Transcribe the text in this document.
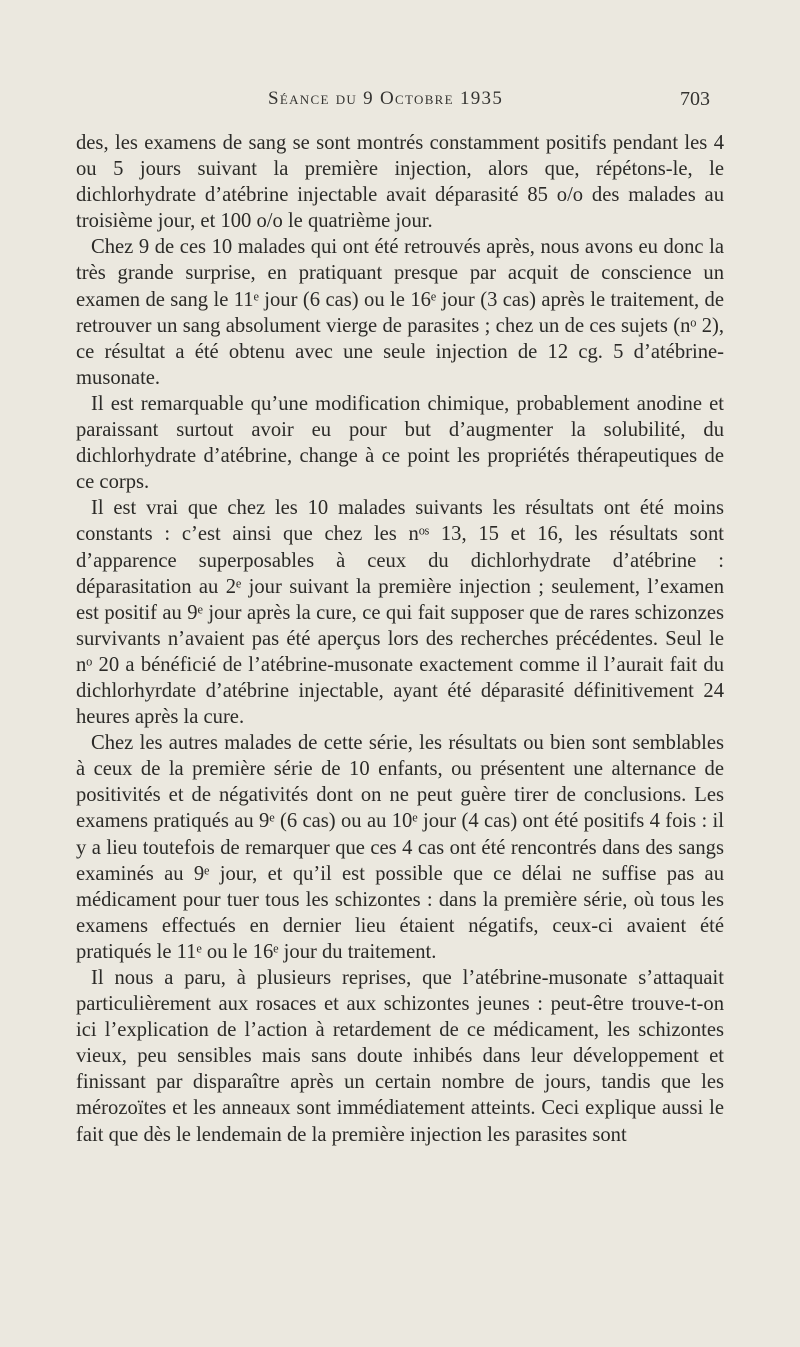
Séance du 9 Octobre 1935	703

des, les examens de sang se sont montrés constamment positifs pendant les 4 ou 5 jours suivant la première injection, alors que, répétons-le, le dichlorhydrate d’atébrine injectable avait déparasité 85 o/o des malades au troisième jour, et 100 o/o le quatrième jour.

Chez 9 de ces 10 malades qui ont été retrouvés après, nous avons eu donc la très grande surprise, en pratiquant presque par acquit de conscience un examen de sang le 11ᵉ jour (6 cas) ou le 16ᵉ jour (3 cas) après le traitement, de retrouver un sang absolument vierge de parasites ; chez un de ces sujets (nᵒ 2), ce résultat a été obtenu avec une seule injection de 12 cg. 5 d’atébrine-musonate.

Il est remarquable qu’une modification chimique, probablement anodine et paraissant surtout avoir eu pour but d’augmenter la solubilité, du dichlorhydrate d’atébrine, change à ce point les propriétés thérapeutiques de ce corps.

Il est vrai que chez les 10 malades suivants les résultats ont été moins constants : c’est ainsi que chez les nᵒˢ 13, 15 et 16, les résultats sont d’apparence superposables à ceux du dichlorhydrate d’atébrine : déparasitation au 2ᵉ jour suivant la première injection ; seulement, l’examen est positif au 9ᵉ jour après la cure, ce qui fait supposer que de rares schizonzes survivants n’avaient pas été aperçus lors des recherches précédentes. Seul le nᵒ 20 a bénéficié de l’atébrine-musonate exactement comme il l’aurait fait du dichlorhyrdate d’atébrine injectable, ayant été déparasité définitivement 24 heures après la cure.

Chez les autres malades de cette série, les résultats ou bien sont semblables à ceux de la première série de 10 enfants, ou présentent une alternance de positivités et de négativités dont on ne peut guère tirer de conclusions. Les examens pratiqués au 9ᵉ (6 cas) ou au 10ᵉ jour (4 cas) ont été positifs 4 fois : il y a lieu toutefois de remarquer que ces 4 cas ont été rencontrés dans des sangs examinés au 9ᵉ jour, et qu’il est possible que ce délai ne suffise pas au médicament pour tuer tous les schizontes : dans la première série, où tous les examens effectués en dernier lieu étaient négatifs, ceux-ci avaient été pratiqués le 11ᵉ ou le 16ᵉ jour du traitement.

Il nous a paru, à plusieurs reprises, que l’atébrine-musonate s’attaquait particulièrement aux rosaces et aux schizontes jeunes : peut-être trouve-t-on ici l’explication de l’action à retardement de ce médicament, les schizontes vieux, peu sensibles mais sans doute inhibés dans leur développement et finissant par disparaître après un certain nombre de jours, tandis que les mérozoïtes et les anneaux sont immédiatement atteints. Ceci explique aussi le fait que dès le lendemain de la première injection les parasites sont
